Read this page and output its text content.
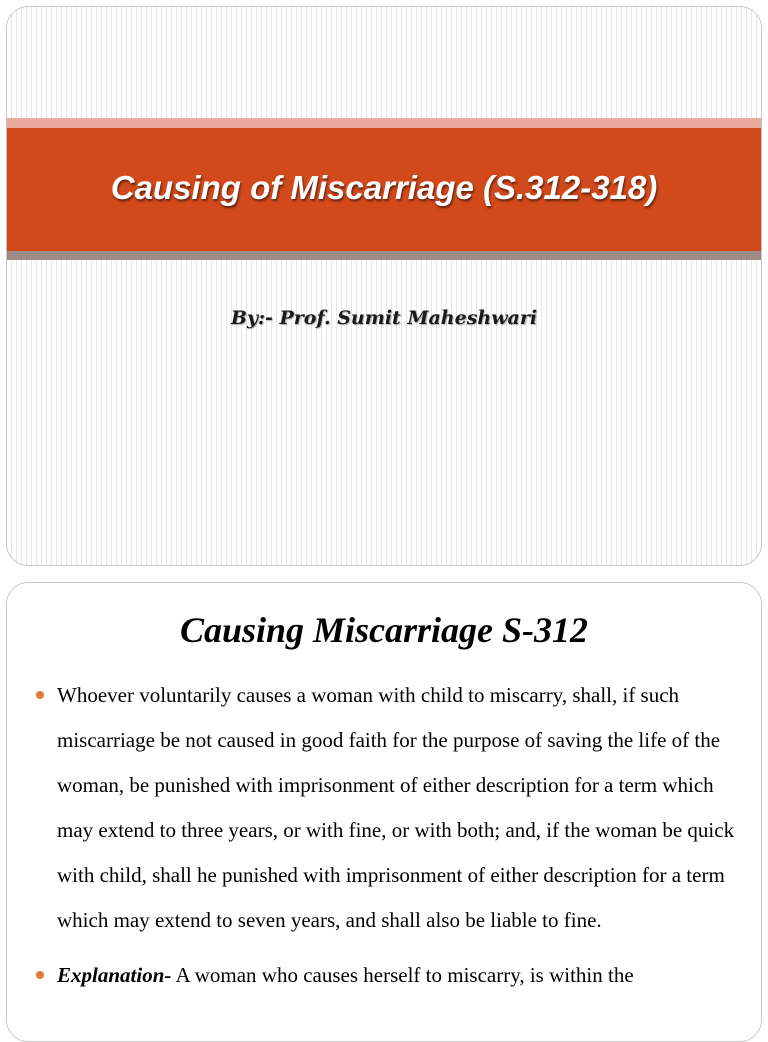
Causing of Miscarriage (S.312-318)
By:- Prof. Sumit Maheshwari
Causing Miscarriage S-312
Whoever voluntarily causes a woman with child to miscarry, shall, if such miscarriage be not caused in good faith for the purpose of saving the life of the woman, be punished with imprisonment of either description for a term which may extend to three years, or with fine, or with both; and, if the woman be quick with child, shall he punished with imprisonment of either description for a term which may extend to seven years, and shall also be liable to fine.
Explanation- A woman who causes herself to miscarry, is within the
